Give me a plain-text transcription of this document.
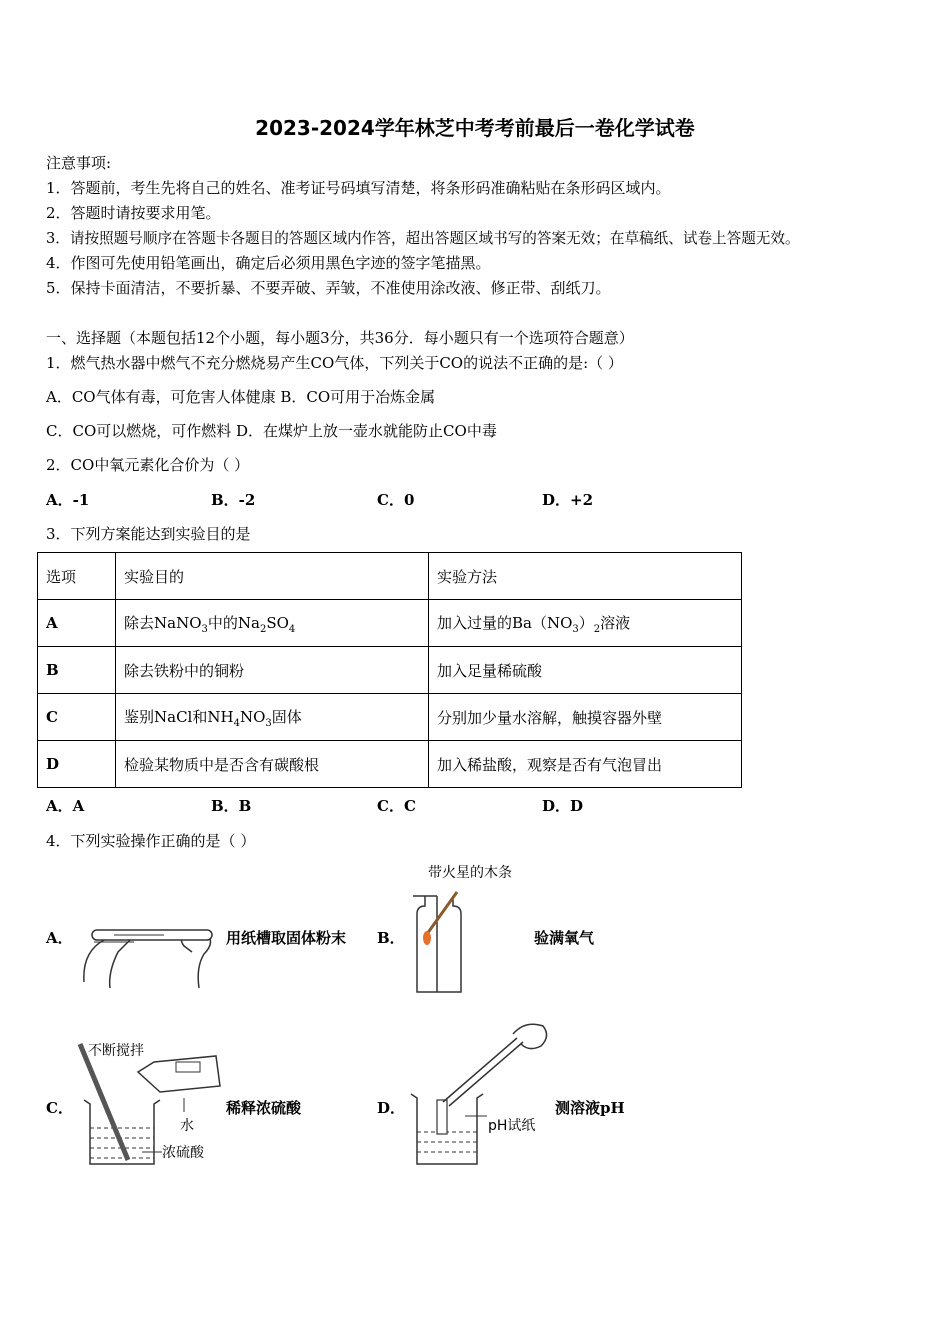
2023-2024学年林芝中考考前最后一卷化学试卷
注意事项:
1．答题前，考生先将自己的姓名、准考证号码填写清楚，将条形码准确粘贴在条形码区域内。
2．答题时请按要求用笔。
3．请按照题号顺序在答题卡各题目的答题区域内作答，超出答题区域书写的答案无效；在草稿纸、试卷上答题无效。
4．作图可先使用铅笔画出，确定后必须用黑色字迹的签字笔描黑。
5．保持卡面清洁，不要折暴、不要弄破、弄皱，不准使用涂改液、修正带、刮纸刀。
一、选择题（本题包括12个小题，每小题3分，共36分．每小题只有一个选项符合题意）
1．燃气热水器中燃气不充分燃烧易产生CO气体，下列关于CO的说法不正确的是:（ ）
A．CO气体有毒，可危害人体健康 B．CO可用于冶炼金属
C．CO可以燃烧，可作燃料 D．在煤炉上放一壶水就能防止CO中毒
2．CO中氧元素化合价为（ ）
A．-1	B．-2	C．0	D．+2
3．下列方案能达到实验目的是
选项	实验目的	实验方法
A	除去NaNO$_3$中的$Na_2SO_4$	加入过量的$Ba(NO_3)_2$溶液
B	除去铁粉中的铜粉	加入足量稀硫酸
C	鉴别NaCl和$NH_4NO_3$固体	分别加少量水溶解，触摸容器外壁
D	检验某物质中是否含有碳酸根	加入稀盐酸，观察是否有气泡冒出
A．A	B．B	C．C	D．D
4．下列实验操作正确的是（ ）
A．	用纸槽取固体粉末 B．
带火星的木条
验满氧气
C．
不断搅拌
水
浓硫酸
稀释浓硫酸	D．
pH试纸
测溶液pH
